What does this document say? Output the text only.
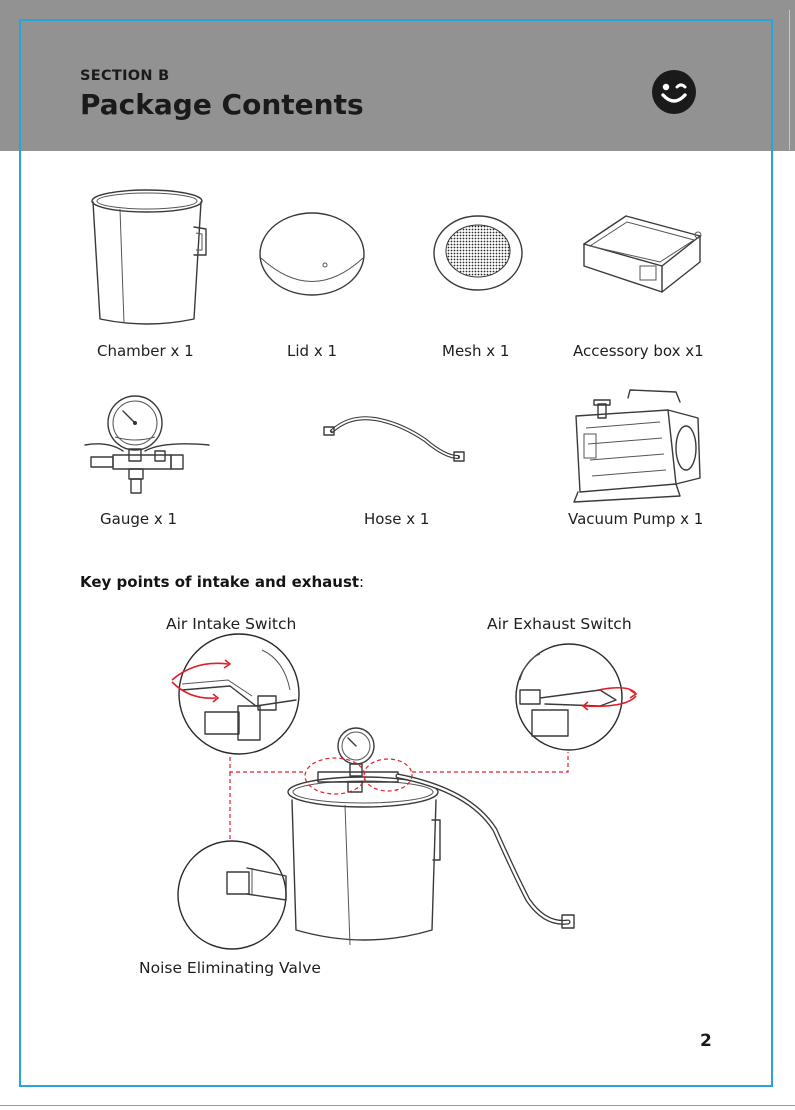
SECTION B
Package Contents
Chamber x 1	Lid x 1	Mesh x 1	Accessory box x1
Gauge x 1	Hose x 1	Vacuum Pump x 1
Key points of intake and exhaust:
Air Intake Switch	Air Exhaust Switch
Noise Eliminating Valve
2
